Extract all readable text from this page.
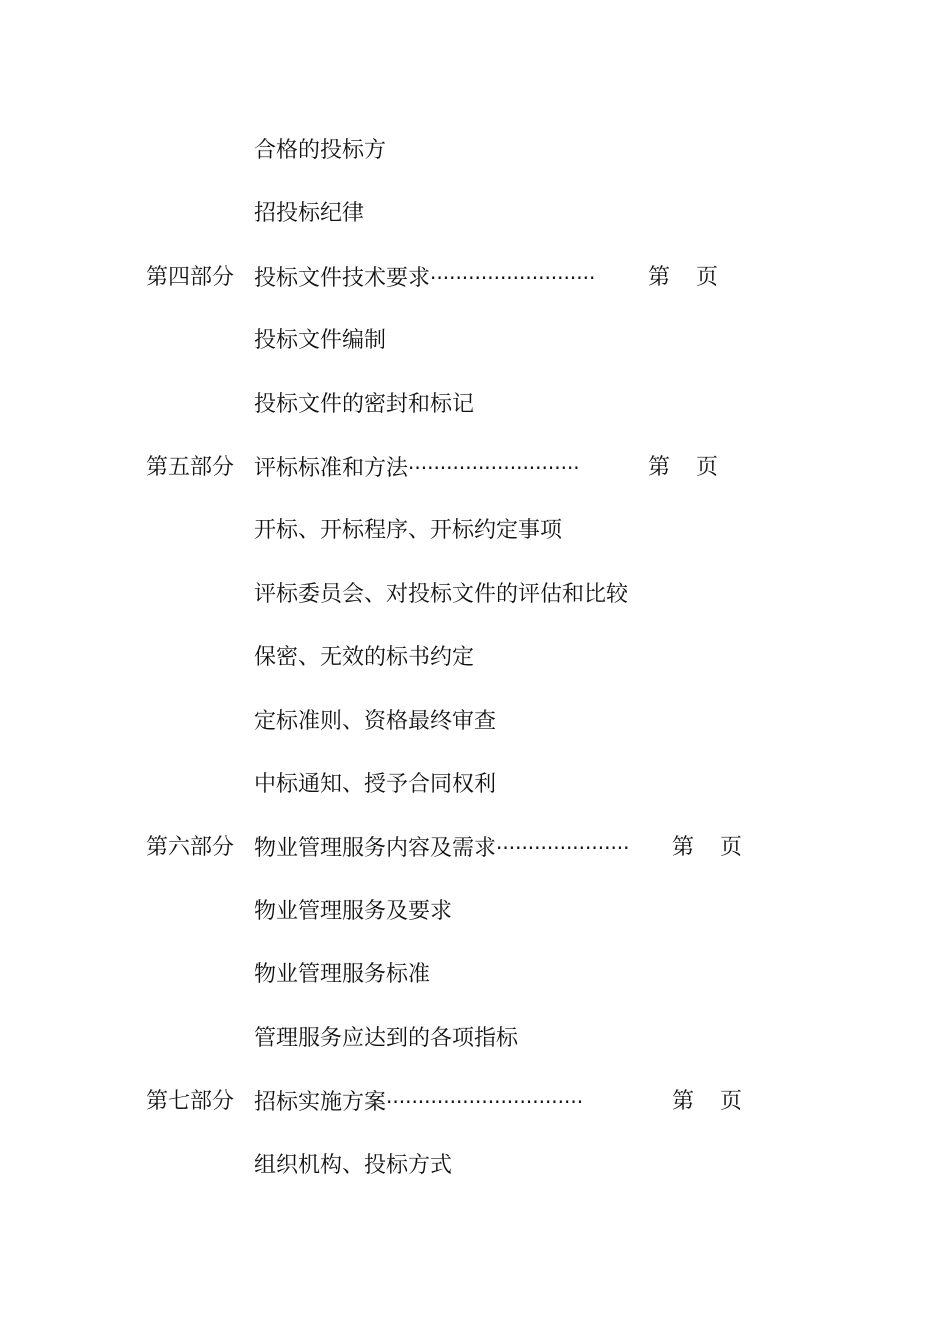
合格的投标方
招投标纪律
第四部分 投标文件技术要求·························· 第 页
投标文件编制
投标文件的密封和标记
第五部分 评标标准和方法···························	第 页
开标、开标程序、开标约定事项
评标委员会、对投标文件的评估和比较
保密、无效的标书约定
定标准则、资格最终审查
中标通知、授予合同权利
第六部分 物业管理服务内容及需求····················· 第 页
物业管理服务及要求
物业管理服务标准
管理服务应达到的各项指标
第七部分 招标实施方案·······························	第 页
组织机构、投标方式
